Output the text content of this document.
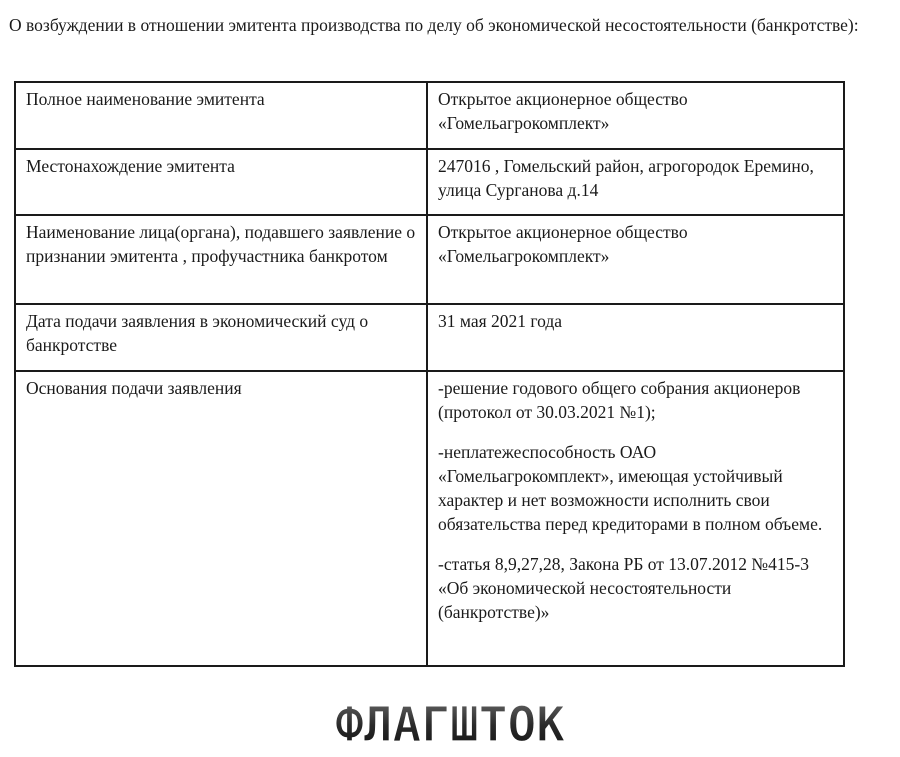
О возбуждении в отношении эмитента производства по делу об экономической несостоятельности (банкротстве):
Полное наименование эмитента	Открытое акционерное общество «Гомельагрокомплект»

Местонахождение эмитента	247016 , Гомельский район, агрогородок Еремино, улица Сурганова д.14

Наименование лица(органа), подавшего заявление о признании эмитента , профучастника банкротом	Открытое акционерное общество «Гомельагрокомплект»

Дата подачи заявления в экономический суд о банкротстве	31 мая 2021 года

Основания подачи заявления	-решение годового общего собрания акционеров (протокол от 30.03.2021 №1);

-неплатежеспособность ОАО «Гомельагрокомплект», имеющая устойчивый характер и нет возможности исполнить свои обязательства перед кредиторами в полном объеме.

-статья 8,9,27,28, Закона РБ от 13.07.2012 №415-3 «Об экономической несостоятельности (банкротстве)»

ФЛАГШТОК
